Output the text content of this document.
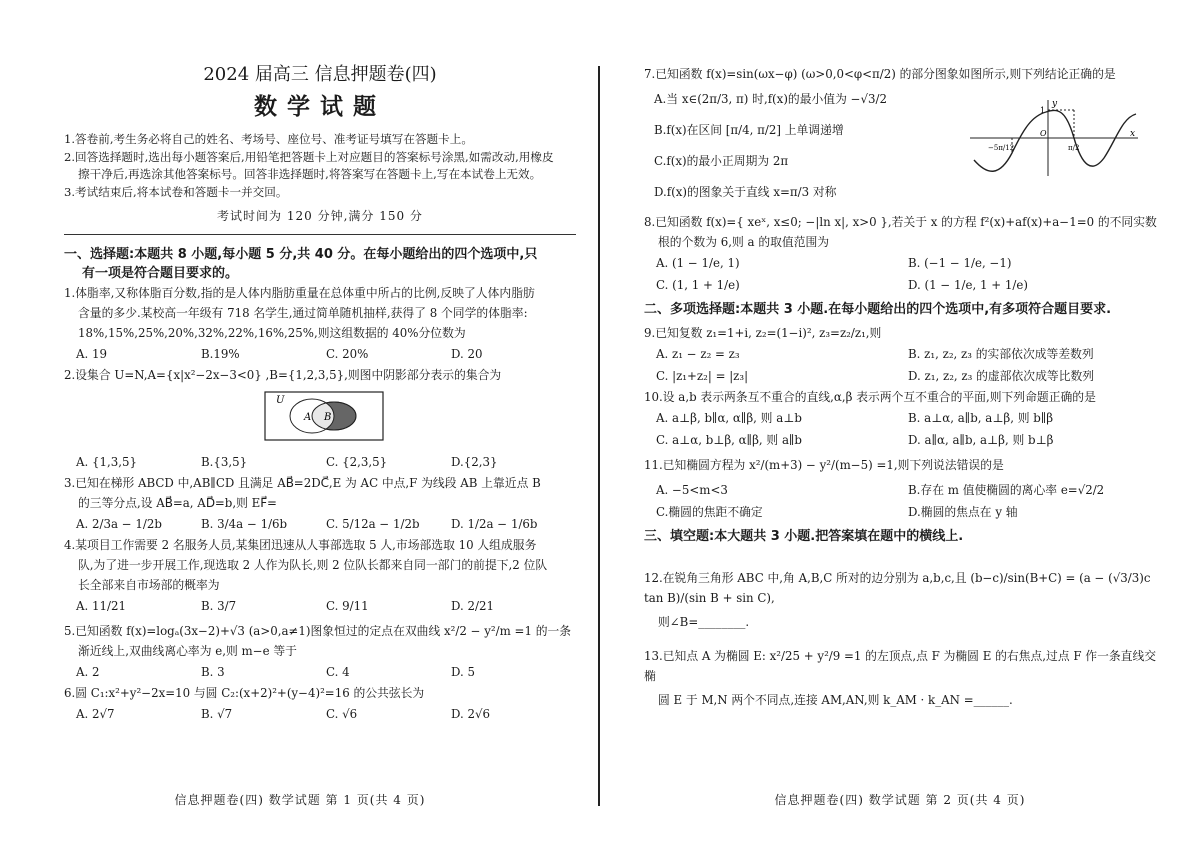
2024 届高三 信息押题卷(四)
数学试题
1.答卷前,考生务必将自己的姓名、考场号、座位号、准考证号填写在答题卡上。
2.回答选择题时,选出每小题答案后,用铅笔把答题卡上对应题目的答案标号涂黑,如需改动,用橡皮
擦干净后,再选涂其他答案标号。回答非选择题时,将答案写在答题卡上,写在本试卷上无效。
3.考试结束后,将本试卷和答题卡一并交回。
考试时间为 120 分钟,满分 150 分
一、选择题:本题共 8 小题,每小题 5 分,共 40 分。在每小题给出的四个选项中,只
有一项是符合题目要求的。
1.体脂率,又称体脂百分数,指的是人体内脂肪重量在总体重中所占的比例,反映了人体内脂肪
含量的多少.某校高一年级有 718 名学生,通过简单随机抽样,获得了 8 个同学的体脂率:
18%,15%,25%,20%,32%,22%,16%,25%,则这组数据的 40%分位数为
A. 19	B.19%	C. 20%	D. 20
2.设集合 U=N,A={x|x²−2x−3<0} ,B={1,2,3,5},则图中阴影部分表示的集合为
U
A B
A. {1,3,5}	B.{3,5}	C. {2,3,5}	D.{2,3}
3.已知在梯形 ABCD 中,AB∥CD 且满足 AB⃗=2DC⃗,E 为 AC 中点,F 为线段 AB 上靠近点 B
的三等分点,设 AB⃗=a, AD⃗=b,则 EF⃗=
A. 2/3a − 1/2b	B. 3/4a − 1/6b	C. 5/12a − 1/2b	D. 1/2a − 1/6b
4.某项目工作需要 2 名服务人员,某集团迅速从人事部选取 5 人,市场部选取 10 人组成服务
队,为了进一步开展工作,现选取 2 人作为队长,则 2 位队长都来自同一部门的前提下,2 位队
长全部来自市场部的概率为
A. 11/21	B. 3/7	C. 9/11	D. 2/21
5.已知函数 f(x)=logₐ(3x−2)+√3 (a>0,a≠1)图象恒过的定点在双曲线 x²/2 − y²/m =1 的一条
渐近线上,双曲线离心率为 e,则 m−e 等于
A. 2	B. 3	C. 4	D. 5
6.圆 C₁:x²+y²−2x=10 与圆 C₂:(x+2)²+(y−4)²=16 的公共弦长为
A. 2√7	B. √7	C. √6	D. 2√6
信息押题卷(四) 数学试题 第 1 页(共 4 页)
7.已知函数 f(x)=sin(ωx−φ) (ω>0,0<φ<π/2) 的部分图象如图所示,则下列结论正确的是
A.当 x∈(2π/3, π) 时,f(x)的最小值为 −√3/2
B.f(x)在区间 [π/4, π/2] 上单调递增
C.f(x)的最小正周期为 2π
D.f(x)的图象关于直线 x=π/3 对称
y
x
1
O
−5π/12	π/2
8.已知函数 f(x)={ xeˣ, x≤0; −|ln x|, x>0 },若关于 x 的方程 f²(x)+af(x)+a−1=0 的不同实数
根的个数为 6,则 a 的取值范围为
A. (1 − 1/e, 1)	B. (−1 − 1/e, −1)
C. (1, 1 + 1/e)	D. (1 − 1/e, 1 + 1/e)
二、多项选择题:本题共 3 小题.在每小题给出的四个选项中,有多项符合题目要求.
9.已知复数 z₁=1+i, z₂=(1−i)², z₃=z₂/z₁,则
A. z₁ − z₂ = z₃	B. z₁, z₂, z₃ 的实部依次成等差数列
C. |z₁+z₂| = |z₃|	D. z₁, z₂, z₃ 的虚部依次成等比数列
10.设 a,b 表示两条互不重合的直线,α,β 表示两个互不重合的平面,则下列命题正确的是
A. a⊥β, b∥α, α∥β, 则 a⊥b	B. a⊥α, a∥b, a⊥β, 则 b∥β
C. a⊥α, b⊥β, α∥β, 则 a∥b	D. a∥α, a∥b, a⊥β, 则 b⊥β
11.已知椭圆方程为 x²/(m+3) − y²/(m−5) =1,则下列说法错误的是
A. −5<m<3	B.存在 m 值使椭圆的离心率 e=√2/2
C.椭圆的焦距不确定	D.椭圆的焦点在 y 轴
三、填空题:本大题共 3 小题.把答案填在题中的横线上.
12.在锐角三角形 ABC 中,角 A,B,C 所对的边分别为 a,b,c,且 (b−c)/sin(B+C) = (a − (√3/3)c tan B)/(sin B + sin C),
则∠B=________.
13.已知点 A 为椭圆 E: x²/25 + y²/9 =1 的左顶点,点 F 为椭圆 E 的右焦点,过点 F 作一条直线交椭
圆 E 于 M,N 两个不同点,连接 AM,AN,则 k_AM · k_AN =______.
信息押题卷(四) 数学试题 第 2 页(共 4 页)
